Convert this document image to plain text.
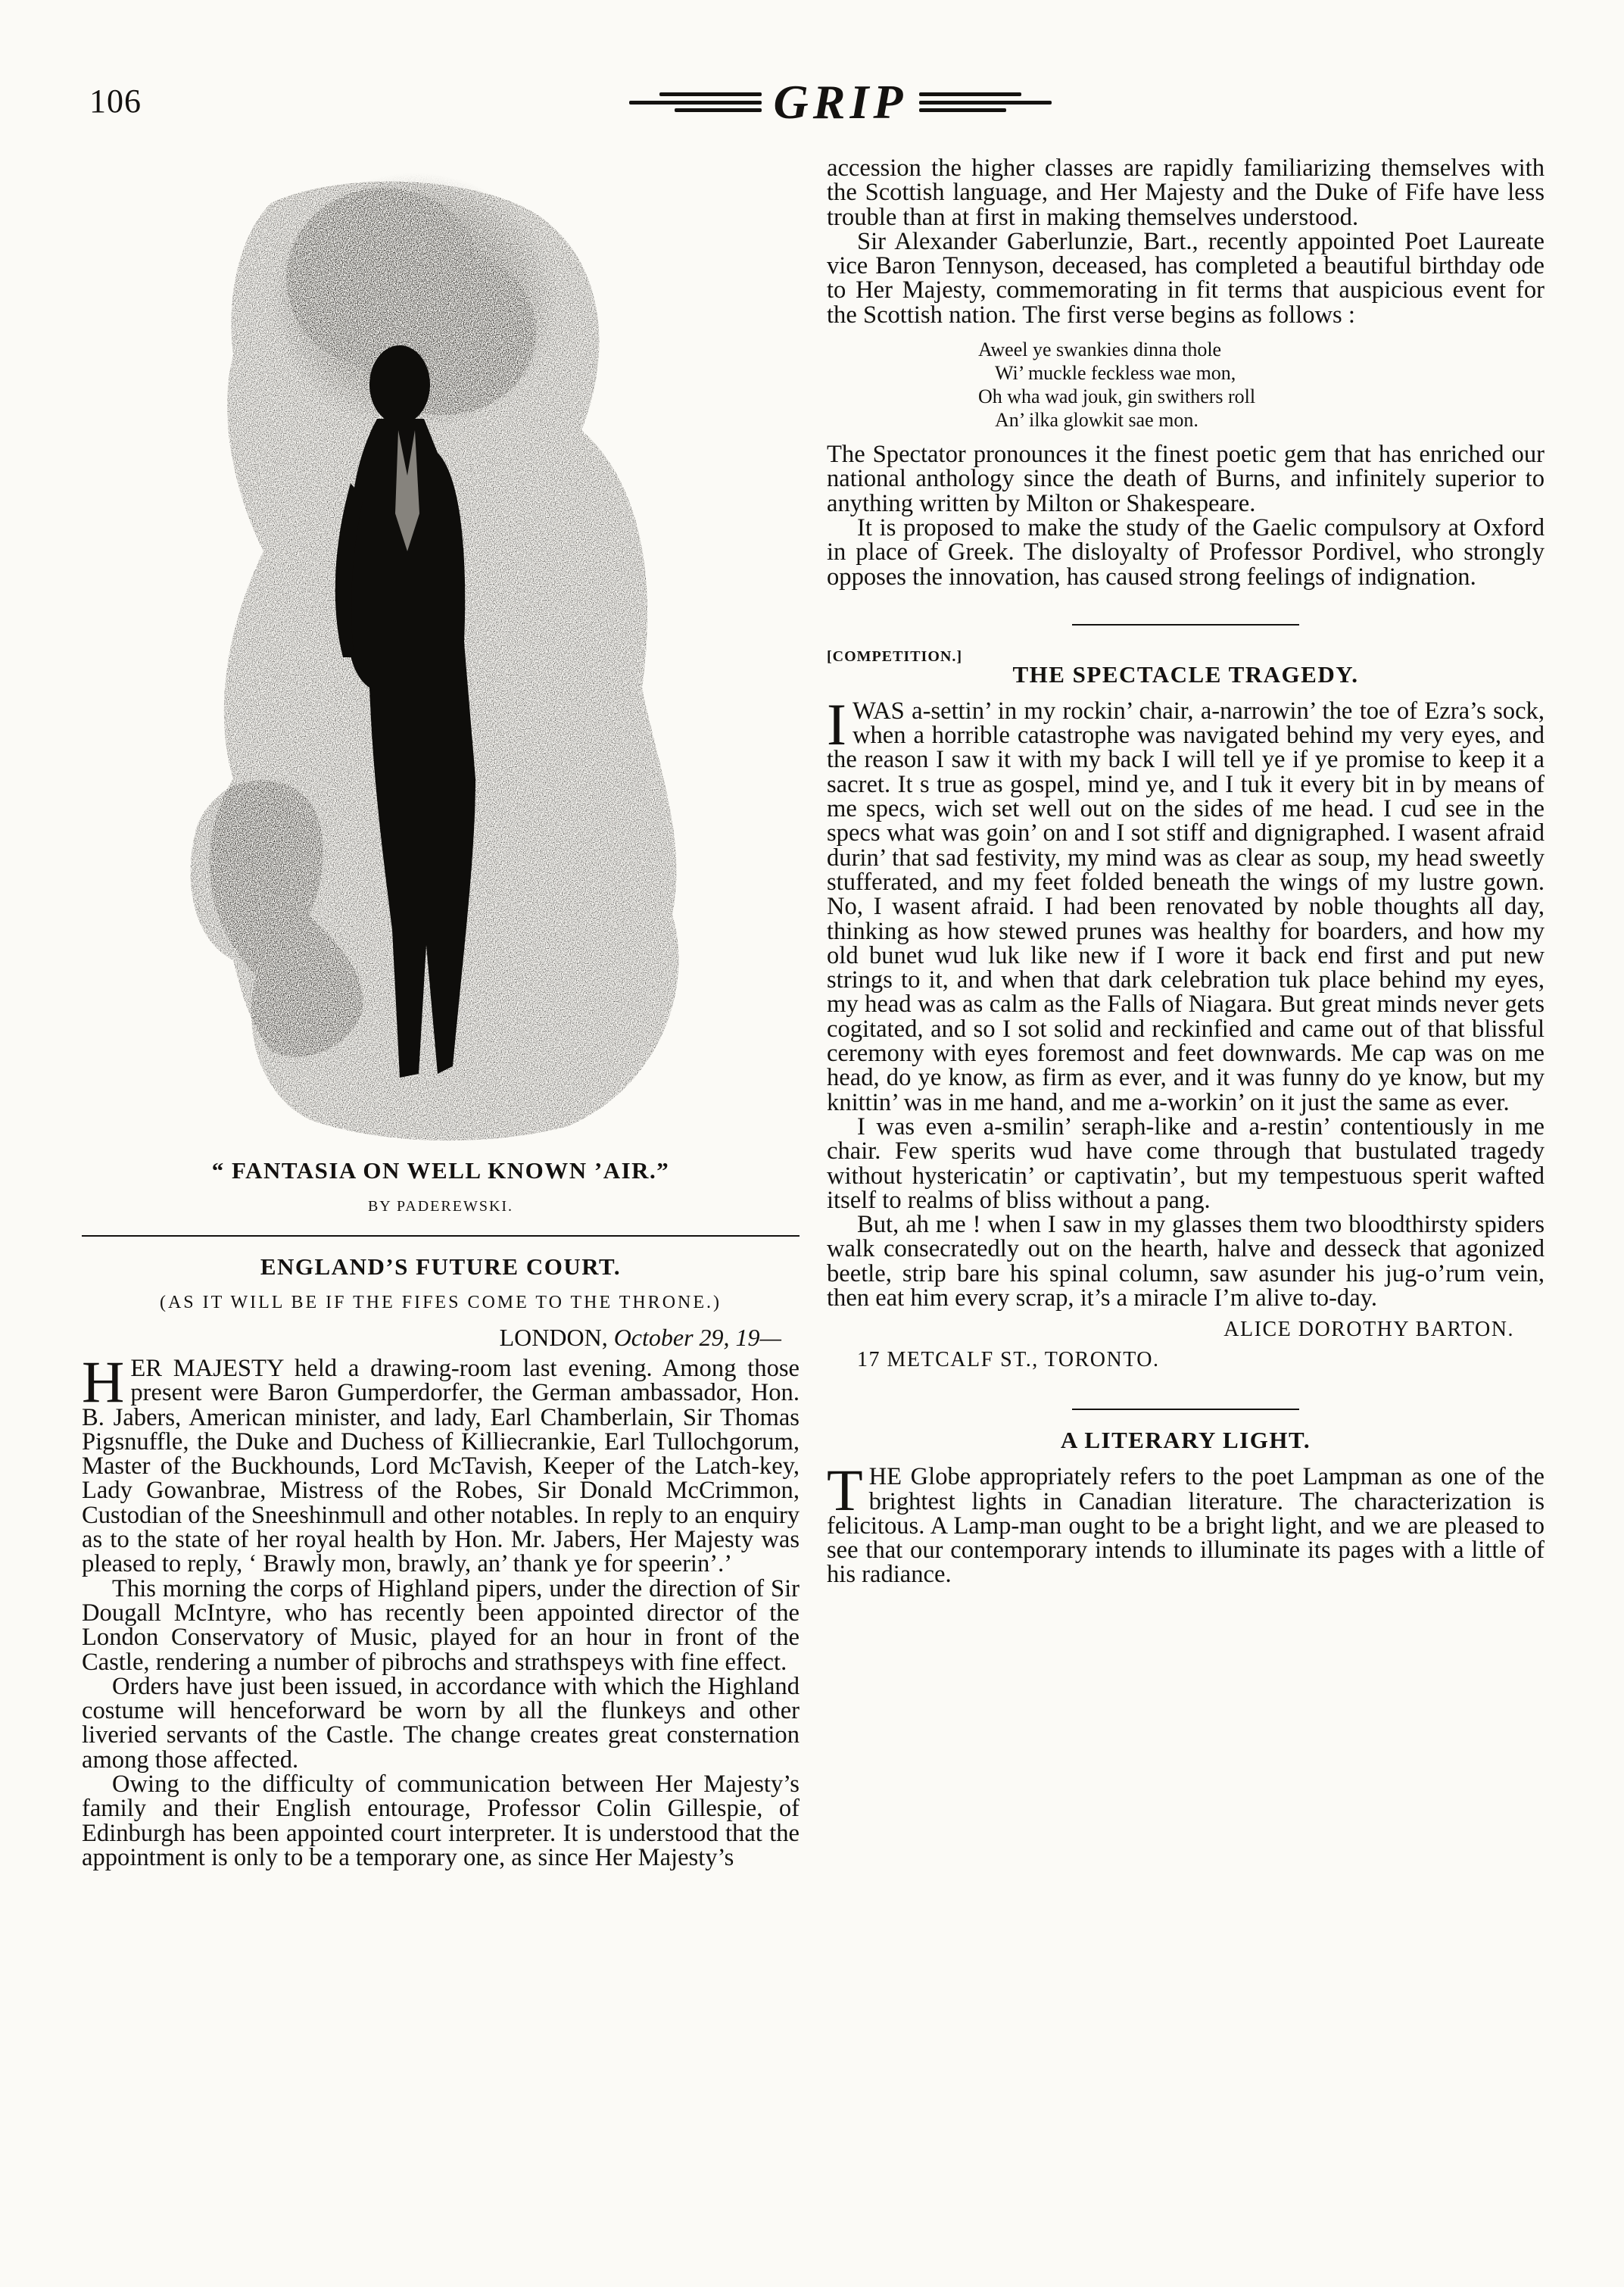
106	GRIP
“ FANTASIA ON WELL KNOWN ’AIR.”
BY PADEREWSKI.
ENGLAND’S FUTURE COURT.
(AS IT WILL BE IF THE FIFES COME TO THE THRONE.)
LONDON, October 29, 19—

HER MAJESTY held a drawing-room last evening. Among those present were Baron Gumperdorfer, the German ambassador, Hon. B. Jabers, American minister, and lady, Earl Chamberlain, Sir Thomas Pigsnuffle, the Duke and Duchess of Killiecrankie, Earl Tullochgorum, Master of the Buckhounds, Lord McTavish, Keeper of the Latch-key, Lady Gowanbrae, Mistress of the Robes, Sir Donald McCrimmon, Custodian of the Sneeshinmull and other notables. In reply to an enquiry as to the state of her royal health by Hon. Mr. Jabers, Her Majesty was pleased to reply, ‘ Brawly mon, brawly, an’ thank ye for speerin’.’

This morning the corps of Highland pipers, under the direction of Sir Dougall McIntyre, who has recently been appointed director of the London Conservatory of Music, played for an hour in front of the Castle, rendering a number of pibrochs and strathspeys with fine effect.

Orders have just been issued, in accordance with which the Highland costume will henceforward be worn by all the flunkeys and other liveried servants of the Castle. The change creates great consternation among those affected.

Owing to the difficulty of communication between Her Majesty’s family and their English entourage, Professor Colin Gillespie, of Edinburgh has been appointed court interpreter. It is understood that the appointment is only to be a temporary one, as since Her Majesty’s

accession the higher classes are rapidly familiarizing themselves with the Scottish language, and Her Majesty and the Duke of Fife have less trouble than at first in making themselves understood.

Sir Alexander Gaberlunzie, Bart., recently appointed Poet Laureate vice Baron Tennyson, deceased, has completed a beautiful birthday ode to Her Majesty, commemorating in fit terms that auspicious event for the Scottish nation. The first verse begins as follows :

Aweel ye swankies dinna thole
Wi’ muckle feckless wae mon,
Oh wha wad jouk, gin swithers roll
An’ ilka glowkit sae mon.

The Spectator pronounces it the finest poetic gem that has enriched our national anthology since the death of Burns, and infinitely superior to anything written by Milton or Shakespeare.

It is proposed to make the study of the Gaelic compulsory at Oxford in place of Greek. The disloyalty of Professor Pordivel, who strongly opposes the innovation, has caused strong feelings of indignation.

[COMPETITION.]
THE SPECTACLE TRAGEDY.

IWAS a-settin’ in my rockin’ chair, a-narrowin’ the toe of Ezra’s sock, when a horrible catastrophe was navigated behind my very eyes, and the reason I saw it with my back I will tell ye if ye promise to keep it a sacret. It s true as gospel, mind ye, and I tuk it every bit in by means of me specs, wich set well out on the sides of me head. I cud see in the specs what was goin’ on and I sot stiff and dignigraphed. I wasent afraid durin’ that sad festivity, my mind was as clear as soup, my head sweetly stufferated, and my feet folded beneath the wings of my lustre gown. No, I wasent afraid. I had been renovated by noble thoughts all day, thinking as how stewed prunes was healthy for boarders, and how my old bunet wud luk like new if I wore it back end first and put new strings to it, and when that dark celebration tuk place behind my eyes, my head was as calm as the Falls of Niagara. But great minds never gets cogitated, and so I sot solid and reckinfied and came out of that blissful ceremony with eyes foremost and feet downwards. Me cap was on me head, do ye know, as firm as ever, and it was funny do ye know, but my knittin’ was in me hand, and me a-workin’ on it just the same as ever.

I was even a-smilin’ seraph-like and a-restin’ contentiously in me chair. Few sperits wud have come through that bustulated tragedy without hystericatin’ or captivatin’, but my tempestuous sperit wafted itself to realms of bliss without a pang.

But, ah me ! when I saw in my glasses them two bloodthirsty spiders walk consecratedly out on the hearth, halve and desseck that agonized beetle, strip bare his spinal column, saw asunder his jug-o’rum vein, then eat him every scrap, it’s a miracle I’m alive to-day.

ALICE DOROTHY BARTON.
17 METCALF ST., TORONTO.
A LITERARY LIGHT.

THE Globe appropriately refers to the poet Lampman as one of the brightest lights in Canadian literature. The characterization is felicitous. A Lamp-man ought to be a bright light, and we are pleased to see that our contemporary intends to illuminate its pages with a little of his radiance.
